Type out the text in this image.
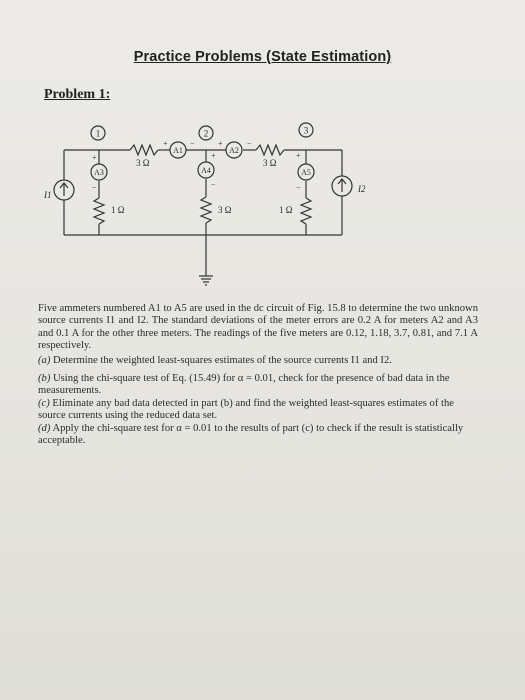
Practice Problems (State Estimation)
Problem 1:
1	2	3
A1	A2
A3	A4	A5
3 Ω	3 Ω
1 Ω	3 Ω	1 Ω
I1
I2
+	−	+	−
+
−
+
−
+
−

Five ammeters numbered A1 to A5 are used in the dc circuit of Fig. 15.8 to determine the two unknown source currents I1 and I2. The standard deviations of the meter errors are 0.2 A for meters A2 and A3 and 0.1 A for the other three meters. The readings of the five meters are 0.12, 1.18, 3.7, 0.81, and 7.1 A respectively.

(a) Determine the weighted least-squares estimates of the source currents I1 and I2.
(b) Using the chi-square test of Eq. (15.49) for α = 0.01, check for the presence of bad data in the measurements.
(c) Eliminate any bad data detected in part (b) and find the weighted least-squares estimates of the source currents using the reduced data set.
(d) Apply the chi-square test for α = 0.01 to the results of part (c) to check if the result is statistically acceptable.
